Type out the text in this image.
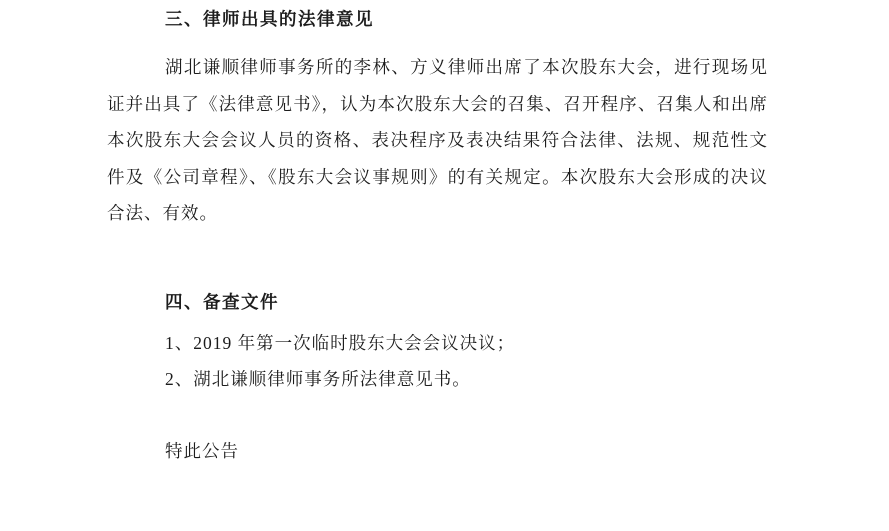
三、律师出具的法律意见
湖北谦顺律师事务所的李林、方义律师出席了本次股东大会，进行现场见证并出具了《法律意见书》，认为本次股东大会的召集、召开程序、召集人和出席本次股东大会会议人员的资格、表决程序及表决结果符合法律、法规、规范性文件及《公司章程》、《股东大会议事规则》的有关规定。本次股东大会形成的决议合法、有效。
四、备查文件
1、2019 年第一次临时股东大会会议决议；
2、湖北谦顺律师事务所法律意见书。
特此公告
